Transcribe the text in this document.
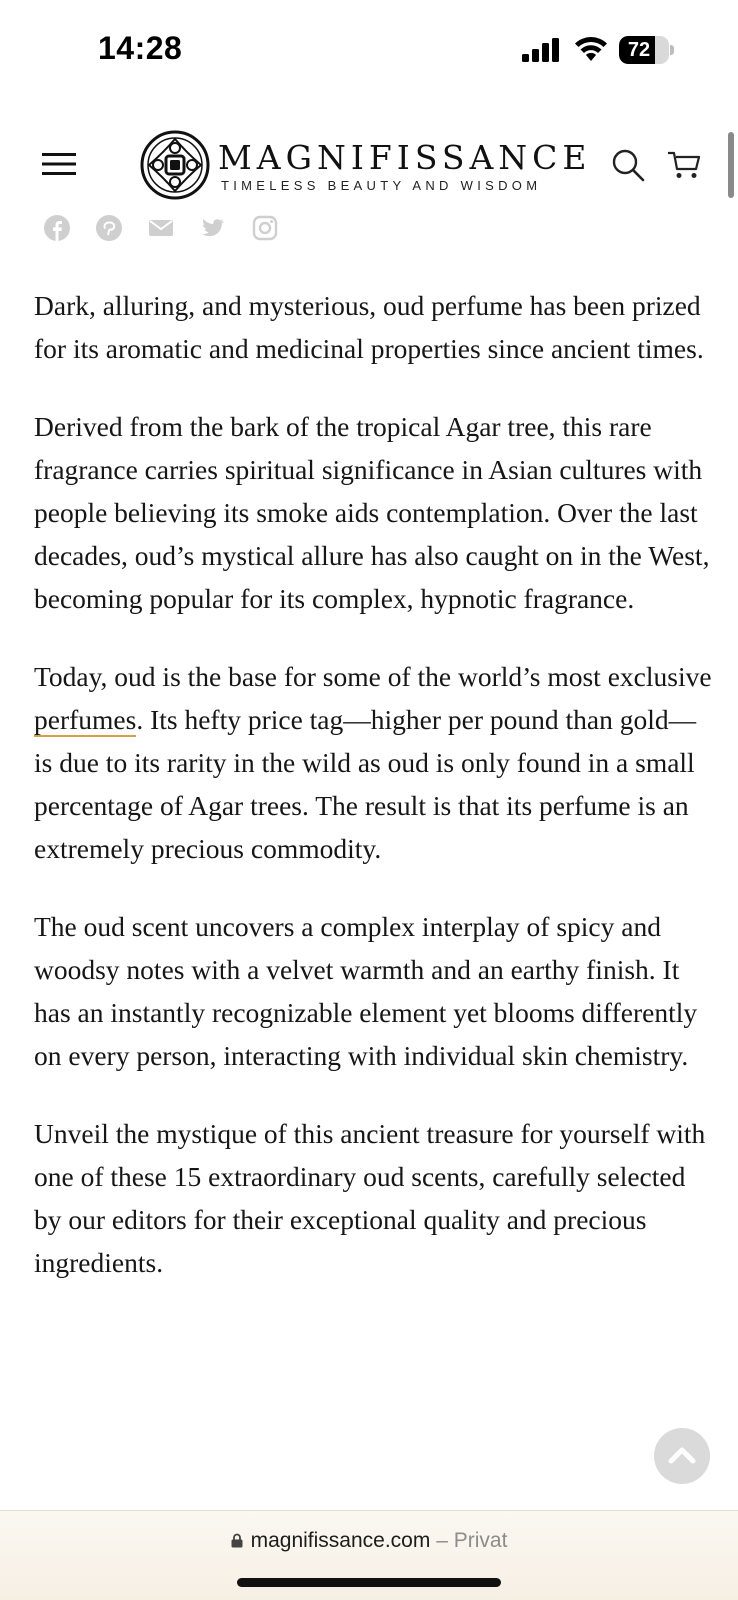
14:28	72
MAGNIFISSANCE
TIMELESS BEAUTY AND WISDOM

Dark, alluring, and mysterious, oud perfume has been prized for its aromatic and medicinal properties since ancient times.

Derived from the bark of the tropical Agar tree, this rare fragrance carries spiritual significance in Asian cultures with people believing its smoke aids contemplation. Over the last decades, oud’s mystical allure has also caught on in the West, becoming popular for its complex, hypnotic fragrance.

Today, oud is the base for some of the world’s most exclusive perfumes. Its hefty price tag—higher per pound than gold—is due to its rarity in the wild as oud is only found in a small percentage of Agar trees. The result is that its perfume is an extremely precious commodity.

The oud scent uncovers a complex interplay of spicy and woodsy notes with a velvet warmth and an earthy finish. It has an instantly recognizable element yet blooms differently on every person, interacting with individual skin chemistry.

Unveil the mystique of this ancient treasure for yourself with one of these 15 extraordinary oud scents, carefully selected by our editors for their exceptional quality and precious ingredients.

magnifissance.com – Privat
